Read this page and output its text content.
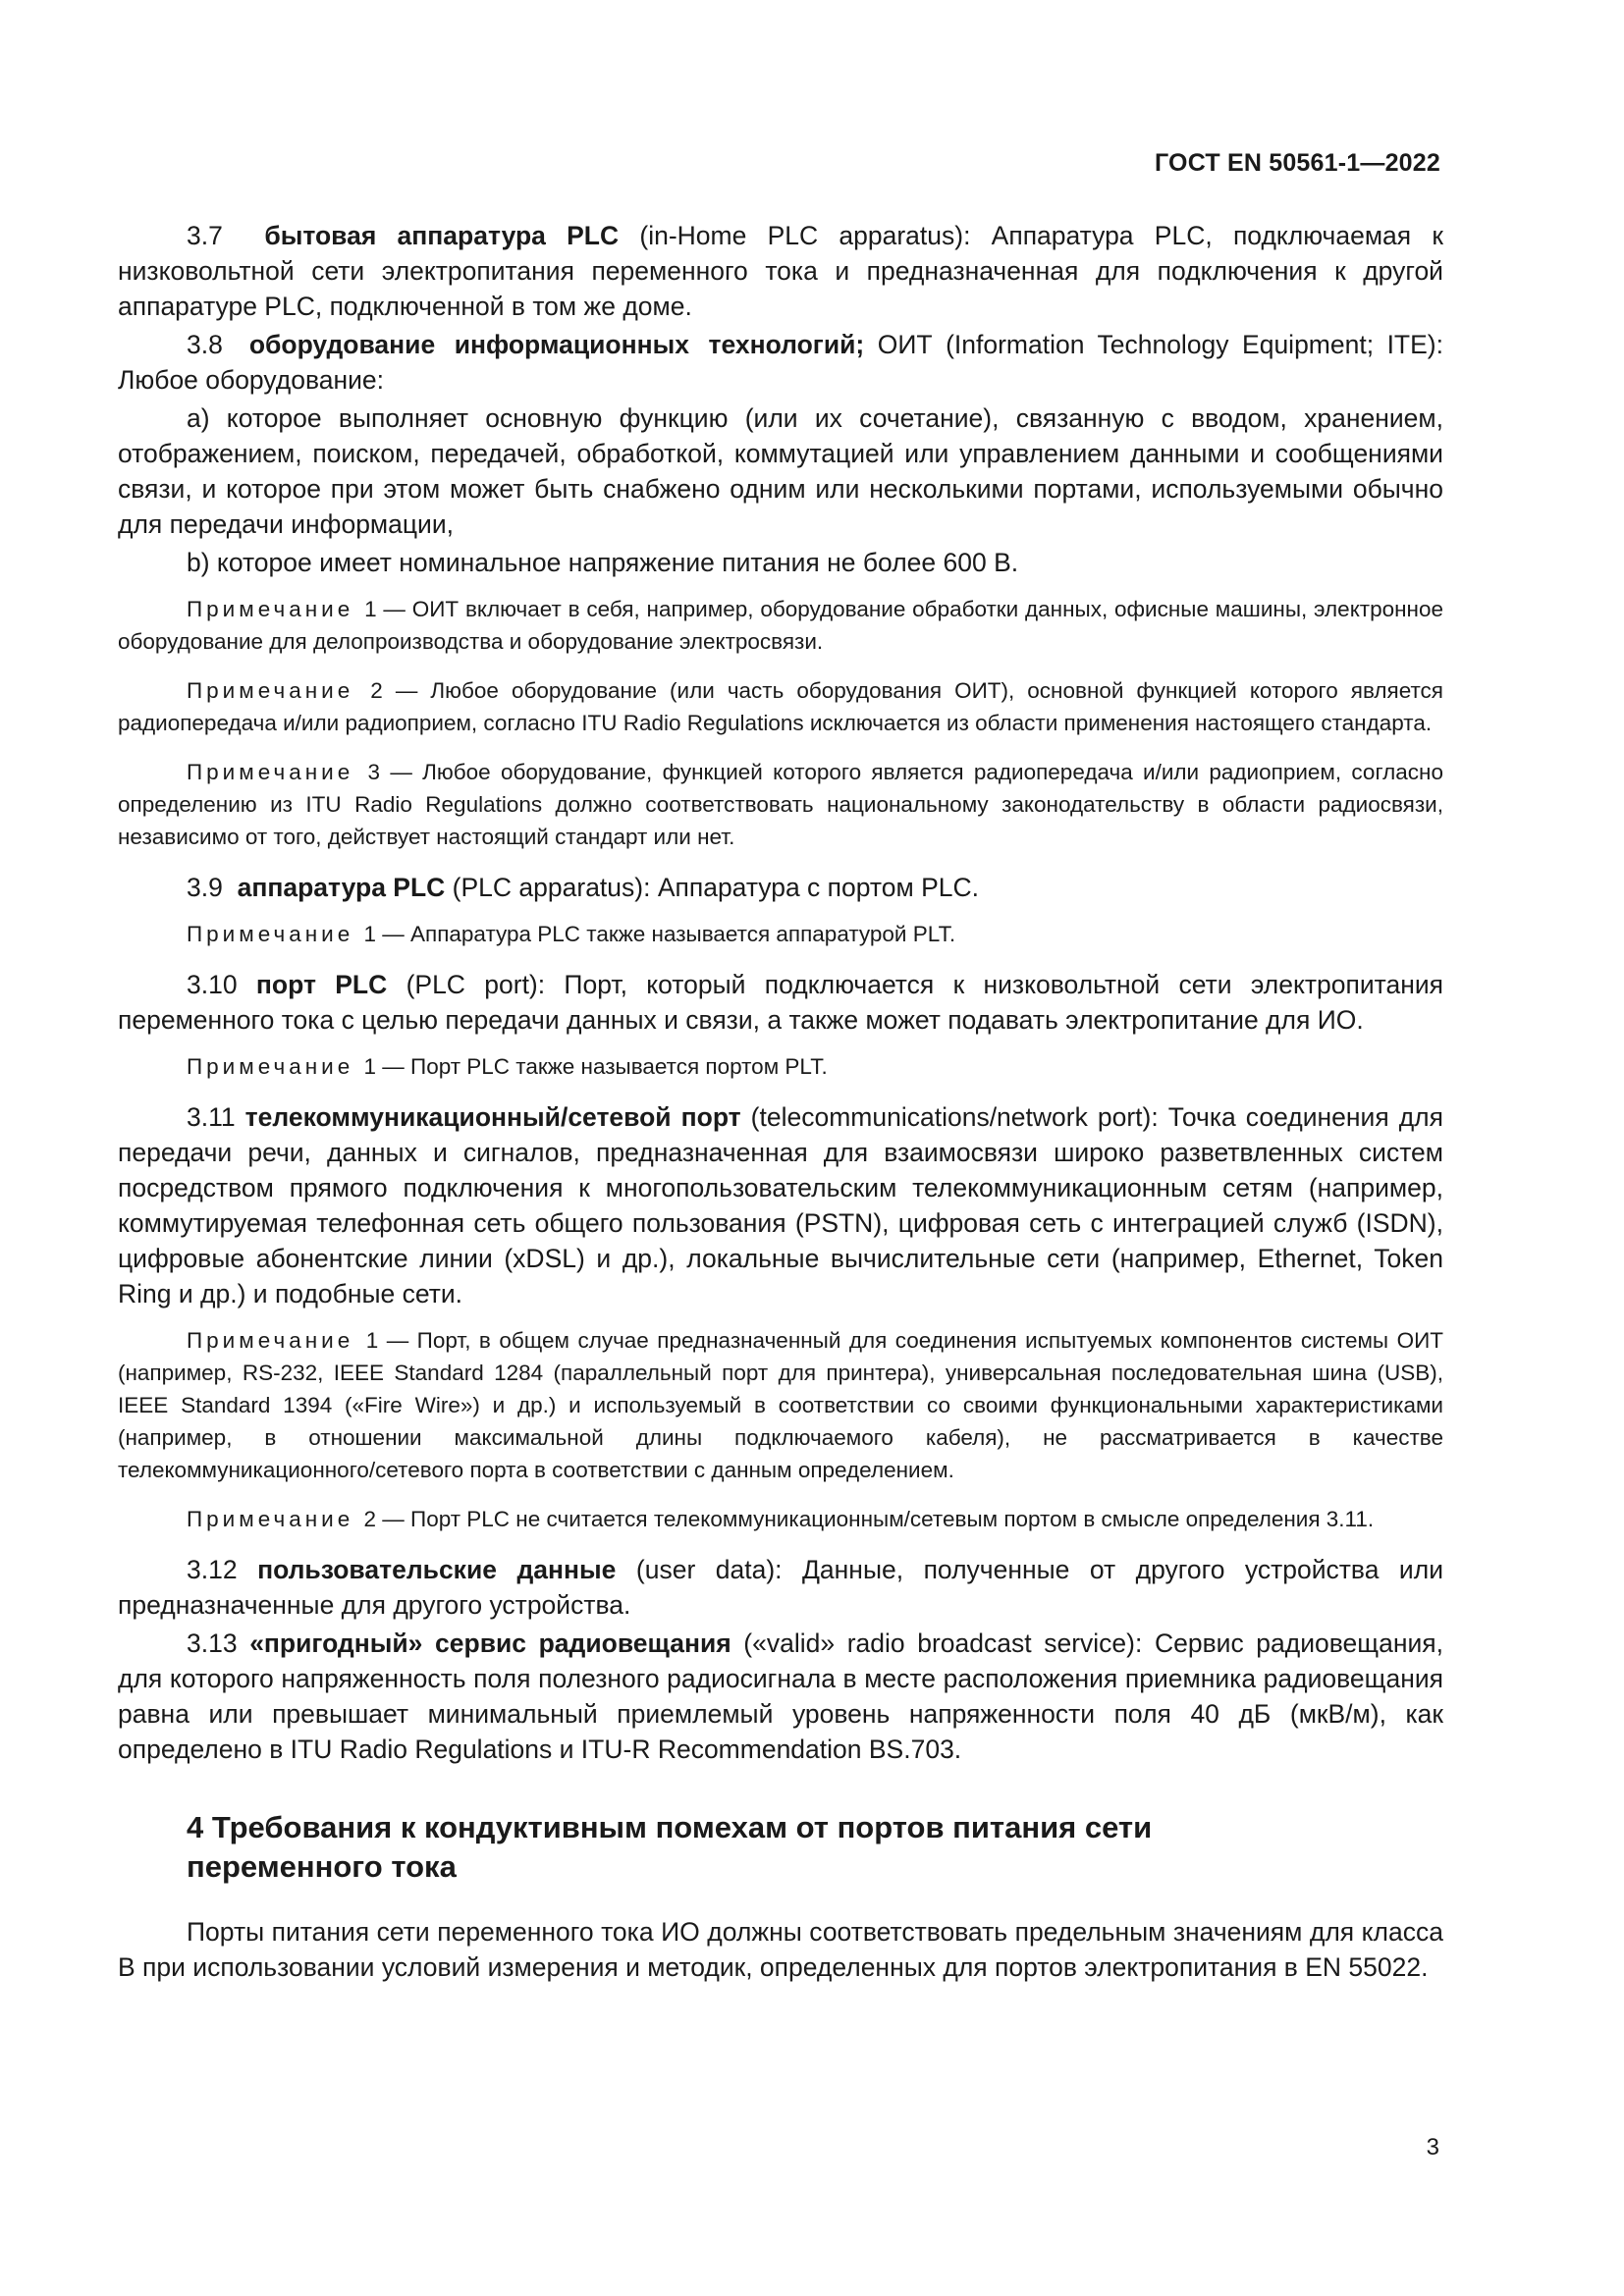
ГОСТ EN 50561-1—2022

3.7 бытовая аппаратура PLC (in-Home PLC apparatus): Аппаратура PLC, подключаемая к низковольтной сети электропитания переменного тока и предназначенная для подключения к другой аппаратуре PLC, подключенной в том же доме.

3.8 оборудование информационных технологий; ОИТ (Information Technology Equipment; ITE): Любое оборудование:

a) которое выполняет основную функцию (или их сочетание), связанную с вводом, хранением, отображением, поиском, передачей, обработкой, коммутацией или управлением данными и сообщениями связи, и которое при этом может быть снабжено одним или несколькими портами, используемыми обычно для передачи информации,

b) которое имеет номинальное напряжение питания не более 600 В.

Примечание 1 — ОИТ включает в себя, например, оборудование обработки данных, офисные машины, электронное оборудование для делопроизводства и оборудование электросвязи.

Примечание 2 — Любое оборудование (или часть оборудования ОИТ), основной функцией которого является радиопередача и/или радиоприем, согласно ITU Radio Regulations исключается из области применения настоящего стандарта.

Примечание 3 — Любое оборудование, функцией которого является радиопередача и/или радиоприем, согласно определению из ITU Radio Regulations должно соответствовать национальному законодательству в области радиосвязи, независимо от того, действует настоящий стандарт или нет.

3.9 аппаратура PLC (PLC apparatus): Аппаратура с портом PLC.

Примечание 1 — Аппаратура PLC также называется аппаратурой PLT.

3.10 порт PLC (PLC port): Порт, который подключается к низковольтной сети электропитания переменного тока с целью передачи данных и связи, а также может подавать электропитание для ИО.

Примечание 1 — Порт PLC также называется портом PLT.

3.11 телекоммуникационный/сетевой порт (telecommunications/network port): Точка соединения для передачи речи, данных и сигналов, предназначенная для взаимосвязи широко разветвленных систем посредством прямого подключения к многопользовательским телекоммуникационным сетям (например, коммутируемая телефонная сеть общего пользования (PSTN), цифровая сеть с интеграцией служб (ISDN), цифровые абонентские линии (xDSL) и др.), локальные вычислительные сети (например, Ethernet, Token Ring и др.) и подобные сети.

Примечание 1 — Порт, в общем случае предназначенный для соединения испытуемых компонентов системы ОИТ (например, RS-232, IEEE Standard 1284 (параллельный порт для принтера), универсальная последовательная шина (USB), IEEE Standard 1394 («Fire Wire») и др.) и используемый в соответствии со своими функциональными характеристиками (например, в отношении максимальной длины подключаемого кабеля), не рассматривается в качестве телекоммуникационного/сетевого порта в соответствии с данным определением.

Примечание 2 — Порт PLC не считается телекоммуникационным/сетевым портом в смысле определения 3.11.

3.12 пользовательские данные (user data): Данные, полученные от другого устройства или предназначенные для другого устройства.

3.13 «пригодный» сервис радиовещания («valid» radio broadcast service): Сервис радиовещания, для которого напряженность поля полезного радиосигнала в месте расположения приемника радиовещания равна или превышает минимальный приемлемый уровень напряженности поля 40 дБ (мкВ/м), как определено в ITU Radio Regulations и ITU-R Recommendation BS.703.

4 Требования к кондуктивным помехам от портов питания сети переменного тока

Порты питания сети переменного тока ИО должны соответствовать предельным значениям для класса В при использовании условий измерения и методик, определенных для портов электропитания в EN 55022.

3
